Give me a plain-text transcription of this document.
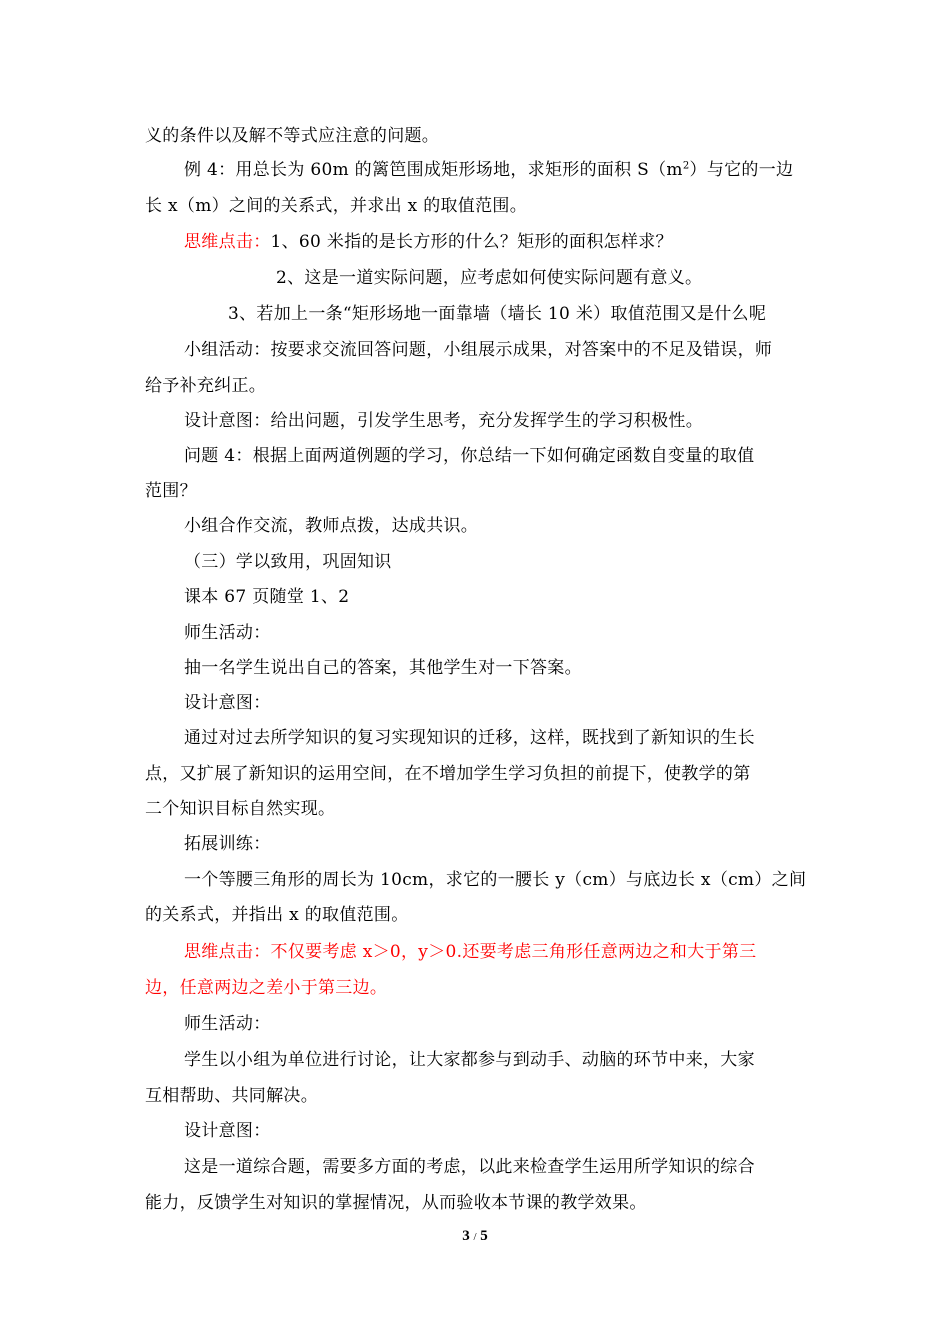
义的条件以及解不等式应注意的问题。
例 4：用总长为 60m 的篱笆围成矩形场地，求矩形的面积 $S(m^2)$与它的一边
长 x（m）之间的关系式，并求出 x 的取值范围。
思维点击：1、60 米指的是长方形的什么？矩形的面积怎样求？
2、这是一道实际问题，应考虑如何使实际问题有意义。
3、若加上一条“矩形场地一面靠墙（墙长 10 米）取值范围又是什么呢
小组活动：按要求交流回答问题，小组展示成果，对答案中的不足及错误，师
给予补充纠正。
设计意图：给出问题，引发学生思考，充分发挥学生的学习积极性。
问题 4：根据上面两道例题的学习，你总结一下如何确定函数自变量的取值
范围？
小组合作交流，教师点拨，达成共识。
（三）学以致用，巩固知识
课本 67 页随堂 1、2
师生活动：
抽一名学生说出自己的答案，其他学生对一下答案。
设计意图：
通过对过去所学知识的复习实现知识的迁移，这样，既找到了新知识的生长
点，又扩展了新知识的运用空间，在不增加学生学习负担的前提下，使教学的第
二个知识目标自然实现。
拓展训练：
一个等腰三角形的周长为 10cm，求它的一腰长 y（cm）与底边长 x（cm）之间
的关系式，并指出 x 的取值范围。
思维点击：不仅要考虑 x＞0，y＞0.还要考虑三角形任意两边之和大于第三
边，任意两边之差小于第三边。
师生活动：
学生以小组为单位进行讨论，让大家都参与到动手、动脑的环节中来，大家
互相帮助、共同解决。
设计意图：
这是一道综合题，需要多方面的考虑，以此来检查学生运用所学知识的综合
能力，反馈学生对知识的掌握情况，从而验收本节课的教学效果。
3 / 5
